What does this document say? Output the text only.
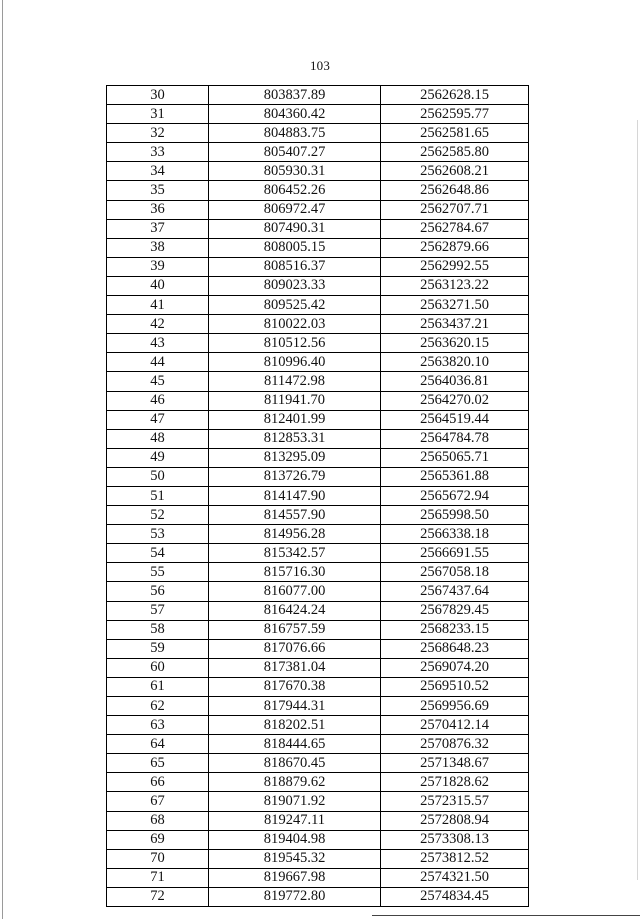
103
30	803837.89	2562628.15
31	804360.42	2562595.77
32	804883.75	2562581.65
33	805407.27	2562585.80
34	805930.31	2562608.21
35	806452.26	2562648.86
36	806972.47	2562707.71
37	807490.31	2562784.67
38	808005.15	2562879.66
39	808516.37	2562992.55
40	809023.33	2563123.22
41	809525.42	2563271.50
42	810022.03	2563437.21
43	810512.56	2563620.15
44	810996.40	2563820.10
45	811472.98	2564036.81
46	811941.70	2564270.02
47	812401.99	2564519.44
48	812853.31	2564784.78
49	813295.09	2565065.71
50	813726.79	2565361.88
51	814147.90	2565672.94
52	814557.90	2565998.50
53	814956.28	2566338.18
54	815342.57	2566691.55
55	815716.30	2567058.18
56	816077.00	2567437.64
57	816424.24	2567829.45
58	816757.59	2568233.15
59	817076.66	2568648.23
60	817381.04	2569074.20
61	817670.38	2569510.52
62	817944.31	2569956.69
63	818202.51	2570412.14
64	818444.65	2570876.32
65	818670.45	2571348.67
66	818879.62	2571828.62
67	819071.92	2572315.57
68	819247.11	2572808.94
69	819404.98	2573308.13
70	819545.32	2573812.52
71	819667.98	2574321.50
72	819772.80	2574834.45
